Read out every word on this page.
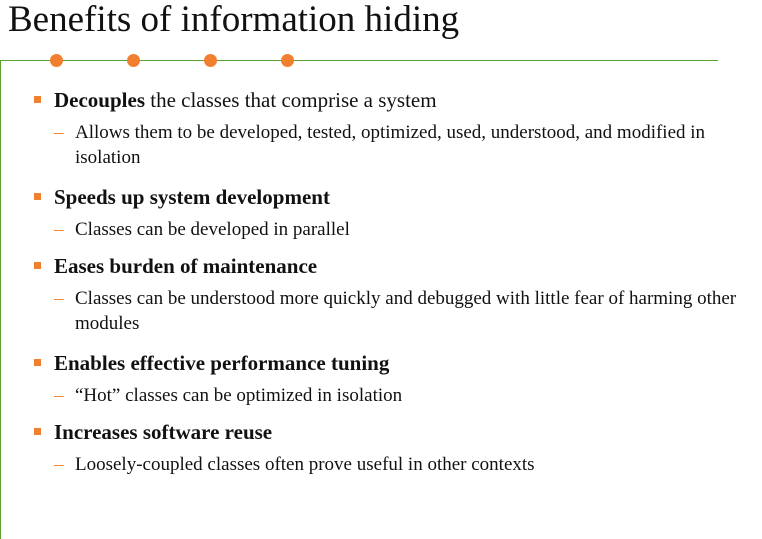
Benefits of information hiding
Decouples the classes that comprise a system
– Allows them to be developed, tested, optimized, used, understood, and modified in isolation
Speeds up system development
– Classes can be developed in parallel
Eases burden of maintenance
– Classes can be understood more quickly and debugged with little fear of harming other modules
Enables effective performance tuning
– “Hot” classes can be optimized in isolation
Increases software reuse
– Loosely-coupled classes often prove useful in other contexts
